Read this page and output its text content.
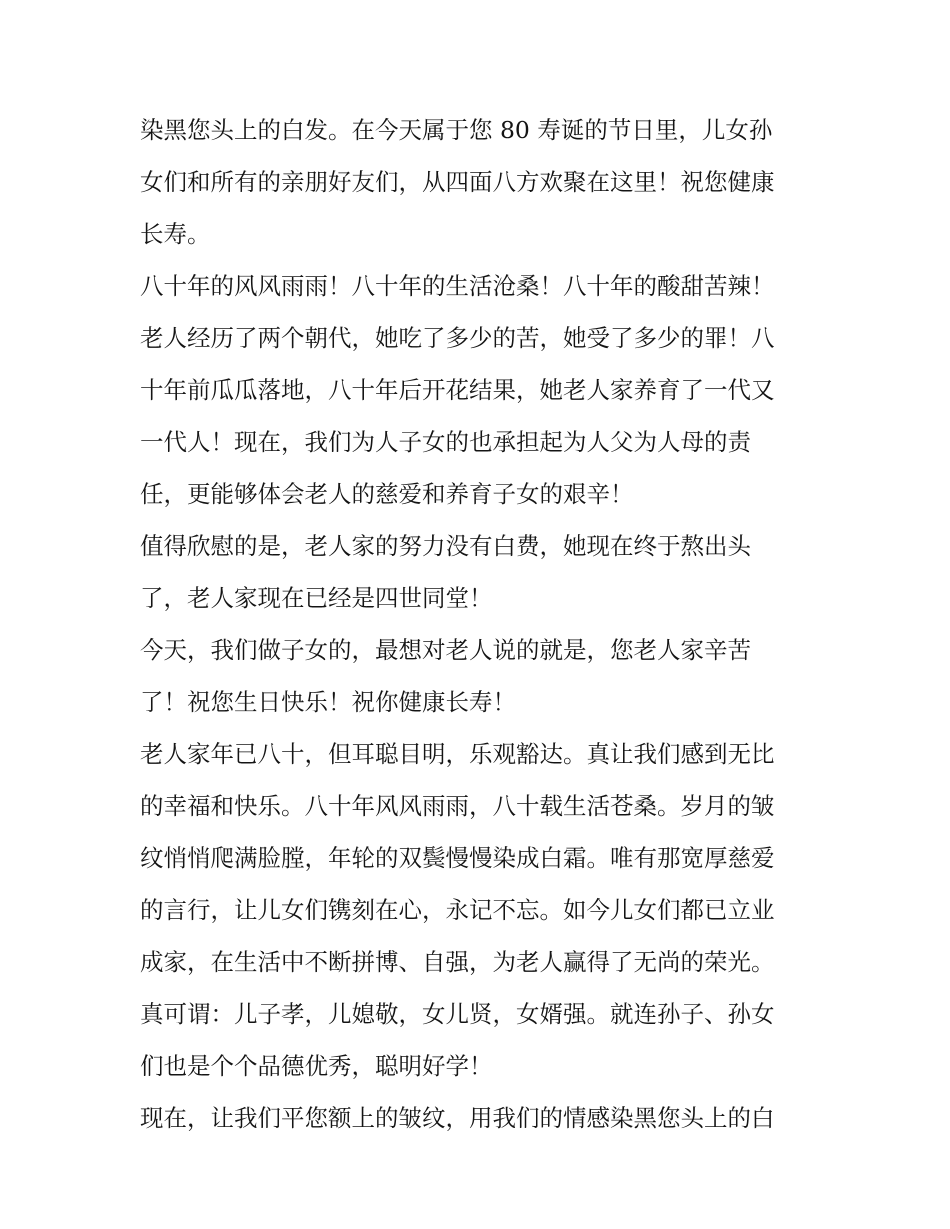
染黑您头上的白发。在今天属于您 80 寿诞的节日里，儿女孙
女们和所有的亲朋好友们，从四面八方欢聚在这里！祝您健康
长寿。
八十年的风风雨雨！八十年的生活沧桑！八十年的酸甜苦辣！
老人经历了两个朝代，她吃了多少的苦，她受了多少的罪！八
十年前瓜瓜落地，八十年后开花结果，她老人家养育了一代又
一代人！现在，我们为人子女的也承担起为人父为人母的责
任，更能够体会老人的慈爱和养育子女的艰辛！
值得欣慰的是，老人家的努力没有白费，她现在终于熬出头
了，老人家现在已经是四世同堂！
今天，我们做子女的，最想对老人说的就是，您老人家辛苦
了！祝您生日快乐！祝你健康长寿！
老人家年已八十，但耳聪目明，乐观豁达。真让我们感到无比
的幸福和快乐。八十年风风雨雨，八十载生活苍桑。岁月的皱
纹悄悄爬满脸膛，年轮的双鬓慢慢染成白霜。唯有那宽厚慈爱
的言行，让儿女们镌刻在心，永记不忘。如今儿女们都已立业
成家，在生活中不断拼博、自强，为老人赢得了无尚的荣光。
真可谓：儿子孝，儿媳敬，女儿贤，女婿强。就连孙子、孙女
们也是个个品德优秀，聪明好学！
现在，让我们平您额上的皱纹，用我们的情感染黑您头上的白
